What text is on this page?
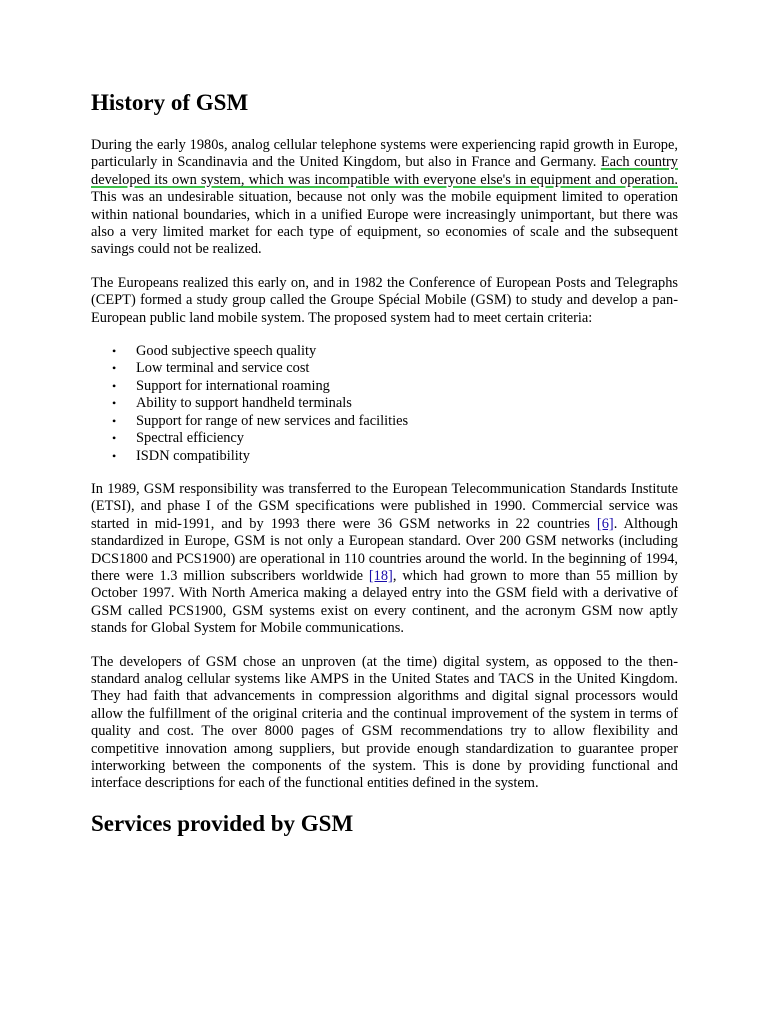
History of GSM

During the early 1980s, analog cellular telephone systems were experiencing rapid growth in Europe, particularly in Scandinavia and the United Kingdom, but also in France and Germany. Each country developed its own system, which was incompatible with everyone else's in equipment and operation. This was an undesirable situation, because not only was the mobile equipment limited to operation within national boundaries, which in a unified Europe were increasingly unimportant, but there was also a very limited market for each type of equipment, so economies of scale and the subsequent savings could not be realized.

The Europeans realized this early on, and in 1982 the Conference of European Posts and Telegraphs (CEPT) formed a study group called the Groupe Spécial Mobile (GSM) to study and develop a pan-European public land mobile system. The proposed system had to meet certain criteria:

• Good subjective speech quality
• Low terminal and service cost
• Support for international roaming
• Ability to support handheld terminals
• Support for range of new services and facilities
• Spectral efficiency
• ISDN compatibility

In 1989, GSM responsibility was transferred to the European Telecommunication Standards Institute (ETSI), and phase I of the GSM specifications were published in 1990. Commercial service was started in mid-1991, and by 1993 there were 36 GSM networks in 22 countries [6]. Although standardized in Europe, GSM is not only a European standard. Over 200 GSM networks (including DCS1800 and PCS1900) are operational in 110 countries around the world. In the beginning of 1994, there were 1.3 million subscribers worldwide [18], which had grown to more than 55 million by October 1997. With North America making a delayed entry into the GSM field with a derivative of GSM called PCS1900, GSM systems exist on every continent, and the acronym GSM now aptly stands for Global System for Mobile communications.

The developers of GSM chose an unproven (at the time) digital system, as opposed to the then-standard analog cellular systems like AMPS in the United States and TACS in the United Kingdom. They had faith that advancements in compression algorithms and digital signal processors would allow the fulfillment of the original criteria and the continual improvement of the system in terms of quality and cost. The over 8000 pages of GSM recommendations try to allow flexibility and competitive innovation among suppliers, but provide enough standardization to guarantee proper interworking between the components of the system. This is done by providing functional and interface descriptions for each of the functional entities defined in the system.

Services provided by GSM
